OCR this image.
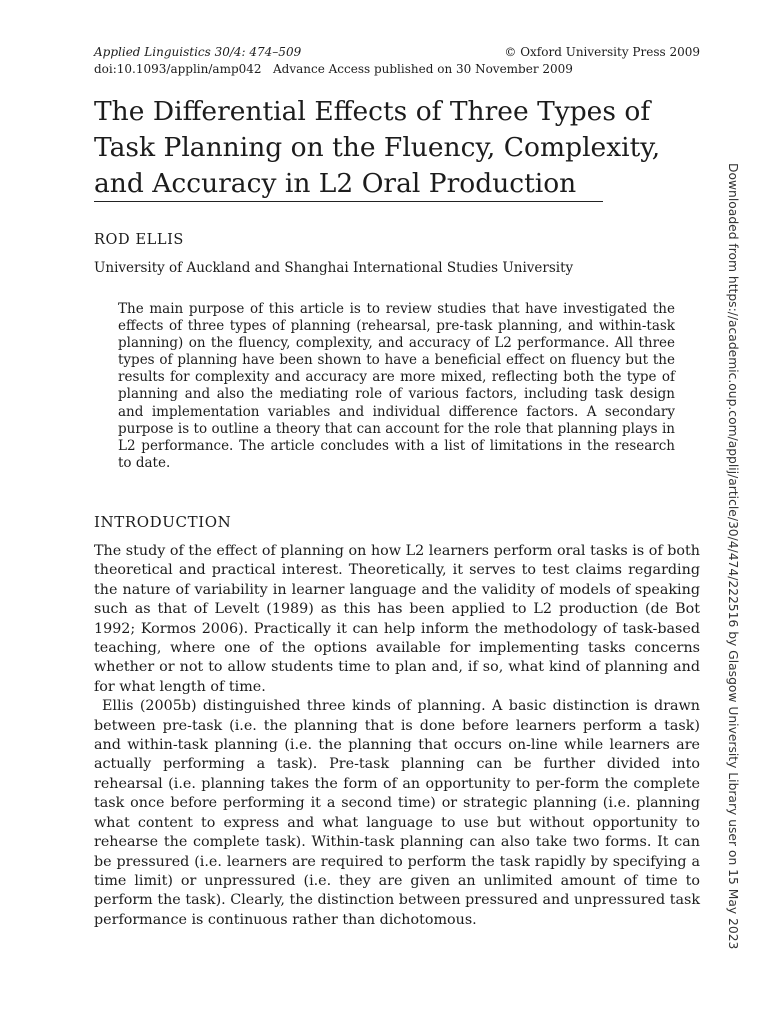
Applied Linguistics 30/4: 474–509	© Oxford University Press 2009
doi:10.1093/applin/amp042   Advance Access published on 30 November 2009
The Differential Effects of Three Types of Task Planning on the Fluency, Complexity, and Accuracy in L2 Oral Production
ROD ELLIS
University of Auckland and Shanghai International Studies University

The main purpose of this article is to review studies that have investigated the effects of three types of planning (rehearsal, pre-task planning, and within-task planning) on the fluency, complexity, and accuracy of L2 performance. All three types of planning have been shown to have a beneficial effect on fluency but the results for complexity and accuracy are more mixed, reflecting both the type of planning and also the mediating role of various factors, including task design and implementation variables and individual difference factors. A secondary purpose is to outline a theory that can account for the role that planning plays in L2 performance. The article concludes with a list of limitations in the research to date.

INTRODUCTION

The study of the effect of planning on how L2 learners perform oral tasks is of both theoretical and practical interest. Theoretically, it serves to test claims regarding the nature of variability in learner language and the validity of models of speaking such as that of Levelt (1989) as this has been applied to L2 production (de Bot 1992; Kormos 2006). Practically it can help inform the methodology of task-based teaching, where one of the options available for implementing tasks concerns whether or not to allow students time to plan and, if so, what kind of planning and for what length of time.

Ellis (2005b) distinguished three kinds of planning. A basic distinction is drawn between pre-task (i.e. the planning that is done before learners perform a task) and within-task planning (i.e. the planning that occurs on-line while learners are actually performing a task). Pre-task planning can be further divided into rehearsal (i.e. planning takes the form of an opportunity to per-form the complete task once before performing it a second time) or strategic planning (i.e. planning what content to express and what language to use but without opportunity to rehearse the complete task). Within-task planning can also take two forms. It can be pressured (i.e. learners are required to perform the task rapidly by specifying a time limit) or unpressured (i.e. they are given an unlimited amount of time to perform the task). Clearly, the distinction between pressured and unpressured task performance is continuous rather than dichotomous.	Downloaded from https://academic.oup.com/applij/article/30/4/474/222516 by Glasgow University Library user on 15 May 2023
